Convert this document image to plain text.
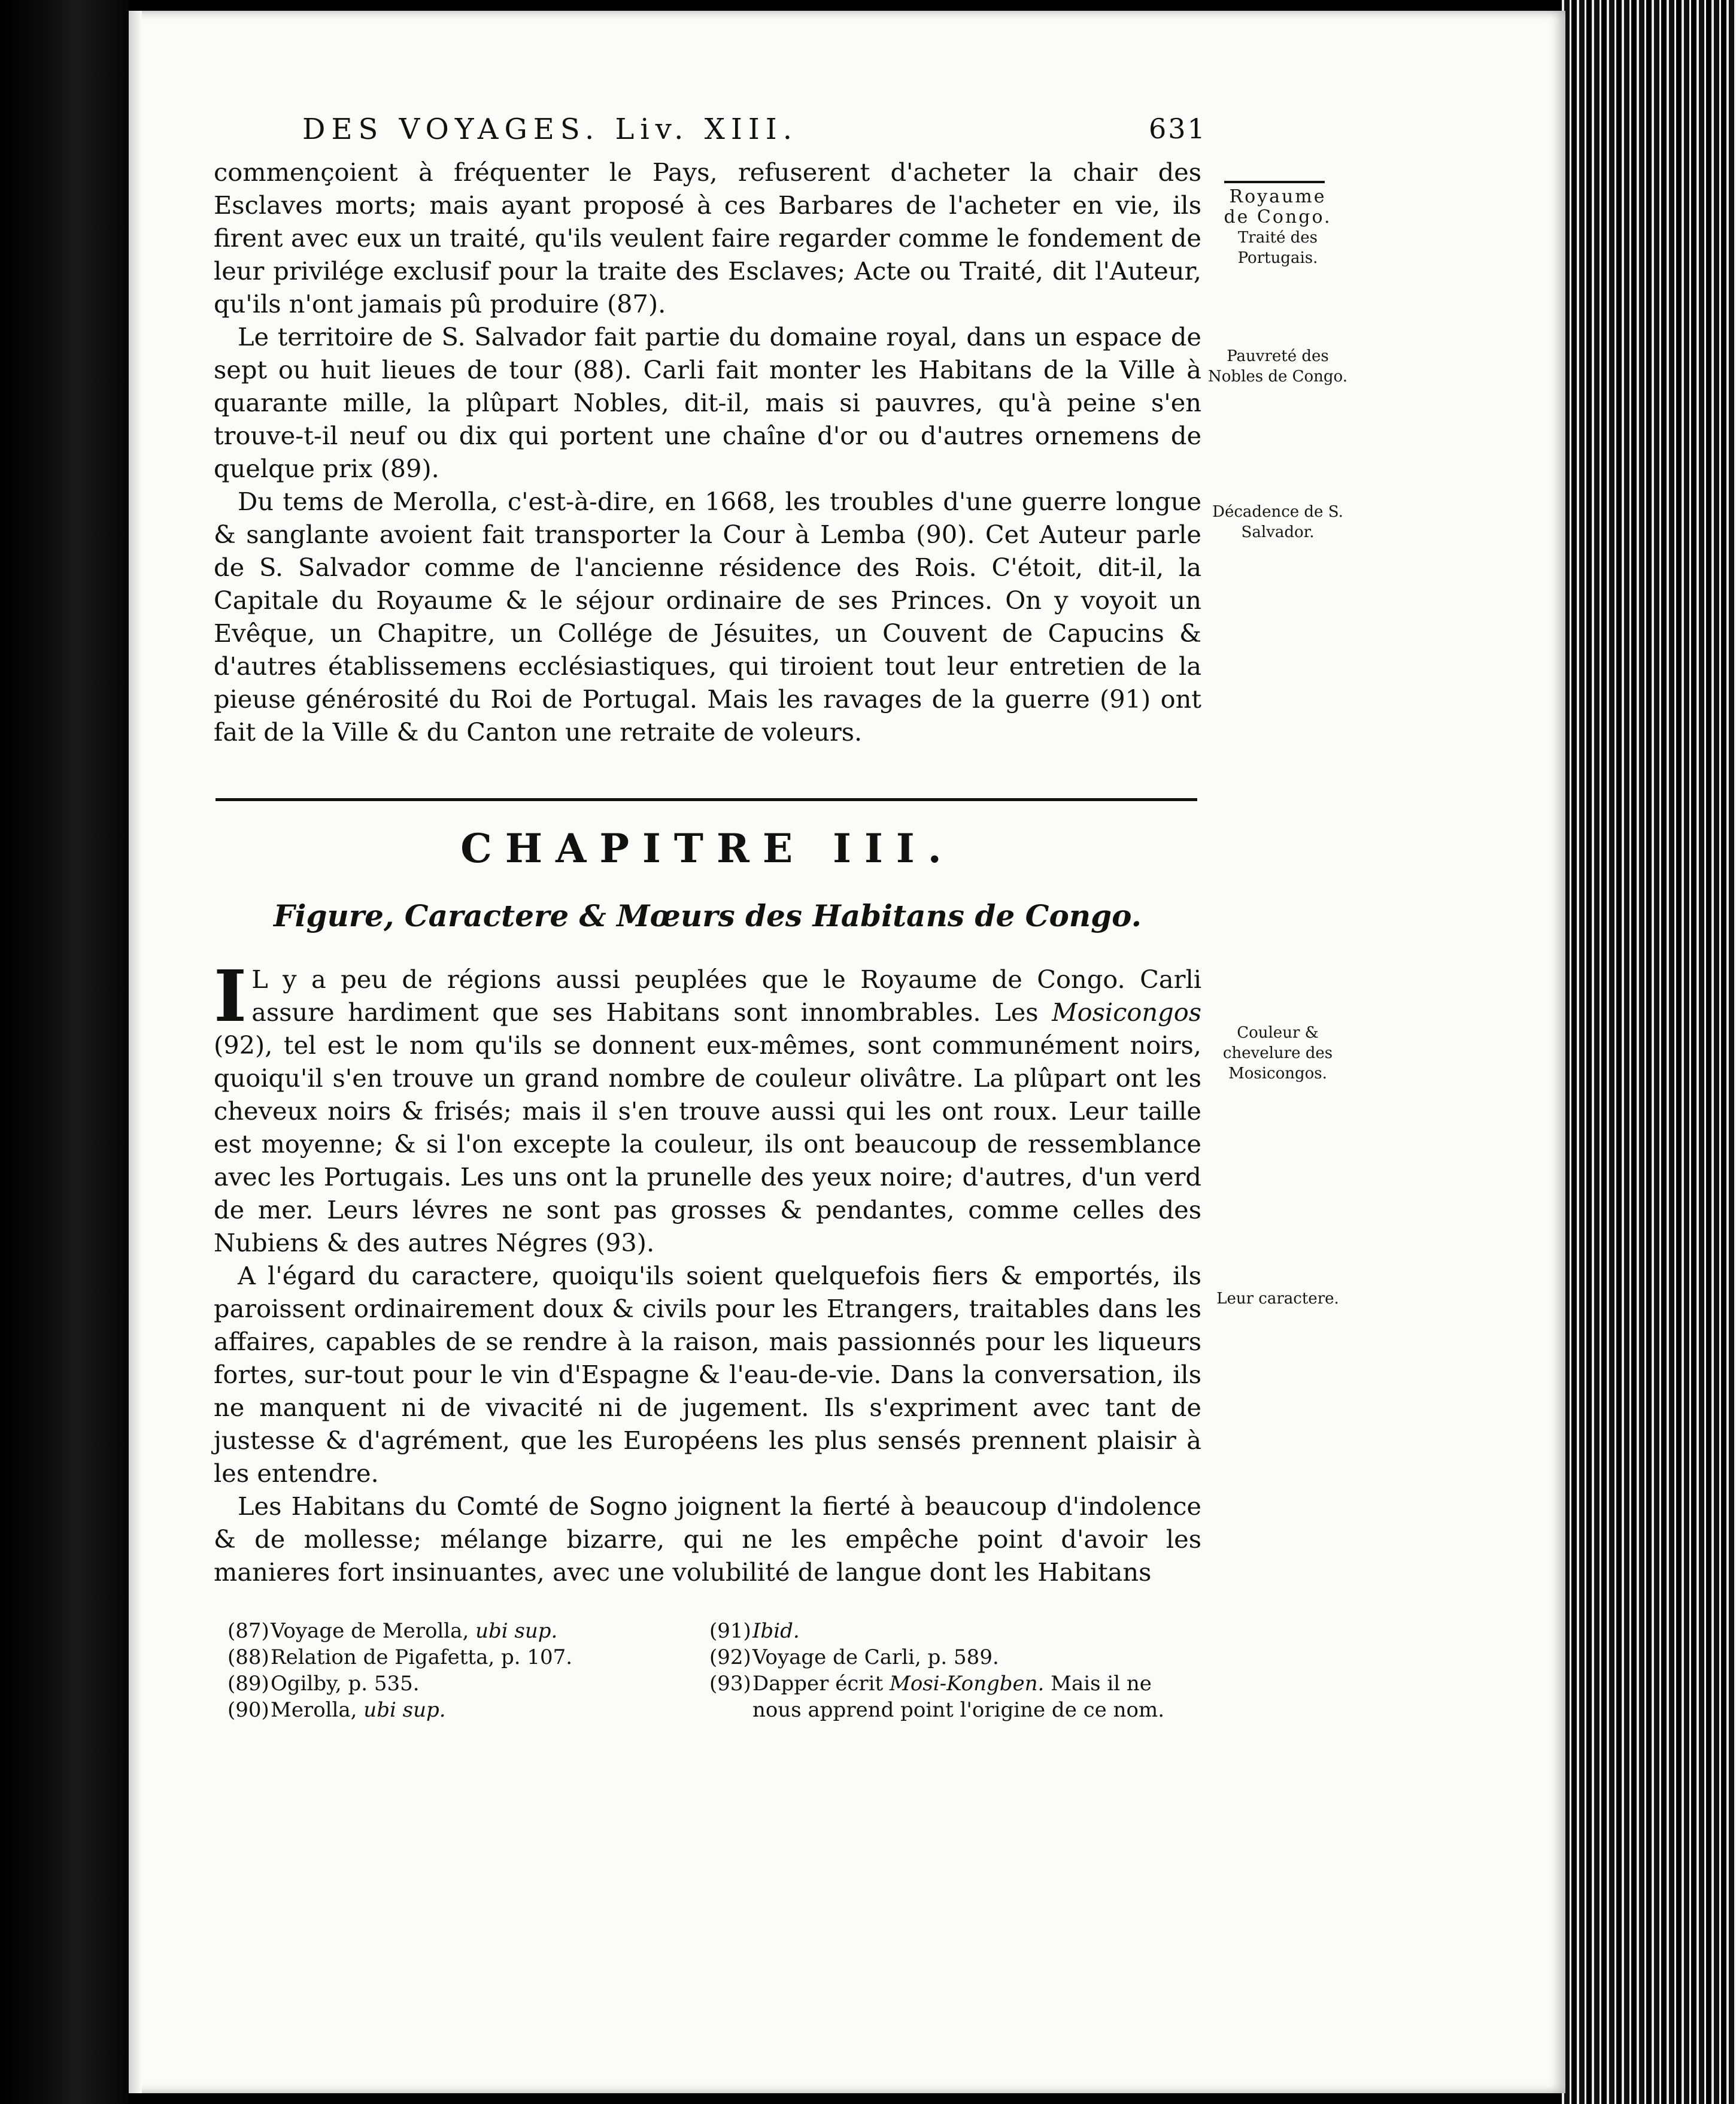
DES VOYAGES. Liv. XIII.	631

commençoient à fréquenter le Pays, refuserent d'acheter la chair des Esclaves morts; mais ayant proposé à ces Barbares de l'acheter en vie, ils firent avec eux un traité, qu'ils veulent faire regarder comme le fondement de leur privilége exclusif pour la traite des Esclaves; Acte ou Traité, dit l'Auteur, qu'ils n'ont jamais pû produire (87).

Le territoire de S. Salvador fait partie du domaine royal, dans un espace de sept ou huit lieues de tour (88). Carli fait monter les Habitans de la Ville à quarante mille, la plûpart Nobles, dit-il, mais si pauvres, qu'à peine s'en trouve-t-il neuf ou dix qui portent une chaîne d'or ou d'autres ornemens de quelque prix (89).

Du tems de Merolla, c'est-à-dire, en 1668, les troubles d'une guerre longue & sanglante avoient fait transporter la Cour à Lemba (90). Cet Auteur parle de S. Salvador comme de l'ancienne résidence des Rois. C'étoit, dit-il, la Capitale du Royaume & le séjour ordinaire de ses Princes. On y voyoit un Evêque, un Chapitre, un Collége de Jésuites, un Couvent de Capucins & d'autres établissemens ecclésiastiques, qui tiroient tout leur entretien de la pieuse générosité du Roi de Portugal. Mais les ravages de la guerre (91) ont fait de la Ville & du Canton une retraite de voleurs.

CHAPITRE III.
Figure, Caractere & Mœurs des Habitans de Congo.

I L y a peu de régions aussi peuplées que le Royaume de Congo. Carli assure hardiment que ses Habitans sont innombrables. Les Mosicongos (92), tel est le nom qu'ils se donnent eux-mêmes, sont communément noirs, quoiqu'il s'en trouve un grand nombre de couleur olivâtre. La plûpart ont les cheveux noirs & frisés; mais il s'en trouve aussi qui les ont roux. Leur taille est moyenne; & si l'on excepte la couleur, ils ont beaucoup de ressemblance avec les Portugais. Les uns ont la prunelle des yeux noire; d'autres, d'un verd de mer. Leurs lévres ne sont pas grosses & pendantes, comme celles des Nubiens & des autres Négres (93).

A l'égard du caractere, quoiqu'ils soient quelquefois fiers & emportés, ils paroissent ordinairement doux & civils pour les Etrangers, traitables dans les affaires, capables de se rendre à la raison, mais passionnés pour les liqueurs fortes, sur-tout pour le vin d'Espagne & l'eau-de-vie. Dans la conversation, ils ne manquent ni de vivacité ni de jugement. Ils s'expriment avec tant de justesse & d'agrément, que les Européens les plus sensés prennent plaisir à les entendre.

Les Habitans du Comté de Sogno joignent la fierté à beaucoup d'indolence & de mollesse; mélange bizarre, qui ne les empêche point d'avoir les manieres fort insinuantes, avec une volubilité de langue dont les Habitans

Royaume
de Congo.
Traité des Portugais.
Pauvreté des Nobles de Congo.
Décadence de S. Salvador.
Couleur & chevelure des Mosicongos.
Leur caractere.
(87)Voyage de Merolla, ubi sup.
(88)Relation de Pigafetta, p. 107.
(89)Ogilby, p. 535.
(90)Merolla, ubi sup.
(91)Ibid.
(92)Voyage de Carli, p. 589.
(93)Dapper écrit Mosi-Kongben. Mais il ne nous apprend point l'origine de ce nom.
